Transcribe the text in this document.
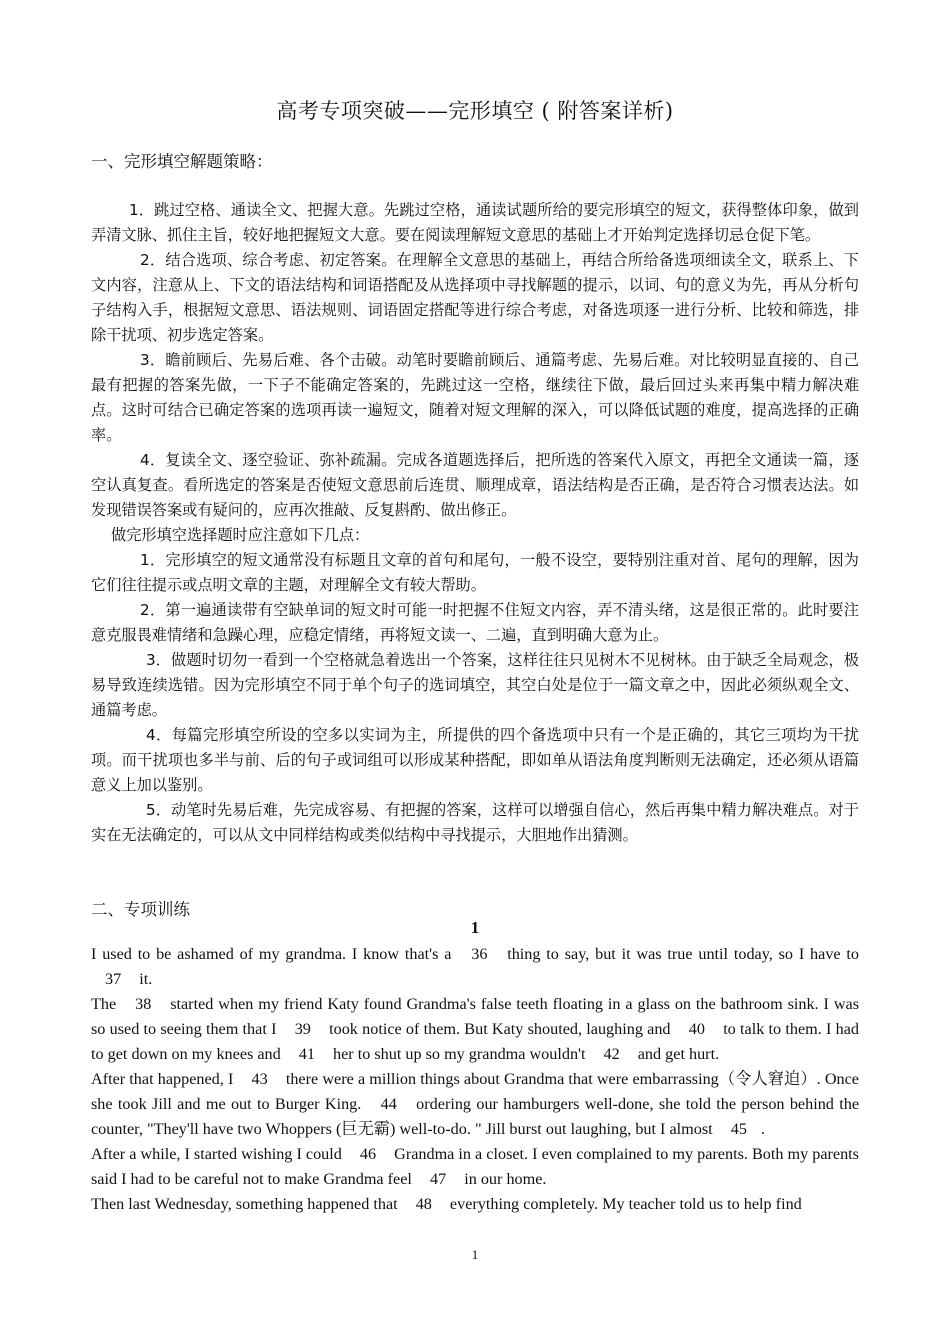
高考专项突破——完形填空 ( 附答案详析)
一、完形填空解题策略：

1．跳过空格、通读全文、把握大意。先跳过空格，通读试题所给的要完形填空的短文，获得整体印象，做到弄清文脉、抓住主旨，较好地把握短文大意。要在阅读理解短文意思的基础上才开始判定选择切忌仓促下笔。

2．结合选项、综合考虑、初定答案。在理解全文意思的基础上，再结合所给备选项细读全文，联系上、下文内容，注意从上、下文的语法结构和词语搭配及从选择项中寻找解题的提示，以词、句的意义为先，再从分析句子结构入手，根据短文意思、语法规则、词语固定搭配等进行综合考虑，对备选项逐一进行分析、比较和筛选，排除干扰项、初步选定答案。

3．瞻前顾后、先易后难、各个击破。动笔时要瞻前顾后、通篇考虑、先易后难。对比较明显直接的、自己最有把握的答案先做，一下子不能确定答案的，先跳过这一空格，继续往下做，最后回过头来再集中精力解决难点。这时可结合已确定答案的选项再读一遍短文，随着对短文理解的深入，可以降低试题的难度，提高选择的正确率。

4．复读全文、逐空验证、弥补疏漏。完成各道题选择后，把所选的答案代入原文，再把全文通读一篇，逐空认真复查。看所选定的答案是否使短文意思前后连贯、顺理成章，语法结构是否正确，是否符合习惯表达法。如发现错误答案或有疑问的，应再次推敲、反复斟酌、做出修正。

做完形填空选择题时应注意如下几点：

1．完形填空的短文通常没有标题且文章的首句和尾句，一般不设空，要特别注重对首、尾句的理解，因为它们往往提示或点明文章的主题，对理解全文有较大帮助。

2．第一遍通读带有空缺单词的短文时可能一时把握不住短文内容，弄不清头绪，这是很正常的。此时要注意克服畏难情绪和急躁心理，应稳定情绪，再将短文读一、二遍，直到明确大意为止。

3．做题时切勿一看到一个空格就急着选出一个答案，这样往往只见树木不见树林。由于缺乏全局观念，极易导致连续选错。因为完形填空不同于单个句子的选词填空，其空白处是位于一篇文章之中，因此必须纵观全文、通篇考虑。

4．每篇完形填空所设的空多以实词为主，所提供的四个备选项中只有一个是正确的，其它三项均为干扰项。而干扰项也多半与前、后的句子或词组可以形成某种搭配，即如单从语法角度判断则无法确定，还必须从语篇意义上加以鉴别。

5．动笔时先易后难，先完成容易、有把握的答案，这样可以增强自信心，然后再集中精力解决难点。对于实在无法确定的，可以从文中同样结构或类似结构中寻找提示，大胆地作出猜测。

二、专项训练
1

I used to be ashamed of my grandma. I know that's a 36 thing to say, but it was true until today, so I have to 37 it.

The 38 started when my friend Katy found Grandma's false teeth floating in a glass on the bathroom sink. I was so used to seeing them that I 39 took notice of them. But Katy shouted, laughing and 40 to talk to them. I had to get down on my knees and 41 her to shut up so my grandma wouldn't 42 and get hurt.

After that happened, I 43 there were a million things about Grandma that were embarrassing（令人窘迫）. Once she took Jill and me out to Burger King. 44 ordering our hamburgers well-done, she told the person behind the counter, "They'll have two Whoppers (巨无霸) well-to-do. " Jill burst out laughing, but I almost 45 .

After a while, I started wishing I could 46 Grandma in a closet. I even complained to my parents. Both my parents said I had to be careful not to make Grandma feel 47 in our home.

Then last Wednesday, something happened that 48 everything completely. My teacher told us to help find

1
